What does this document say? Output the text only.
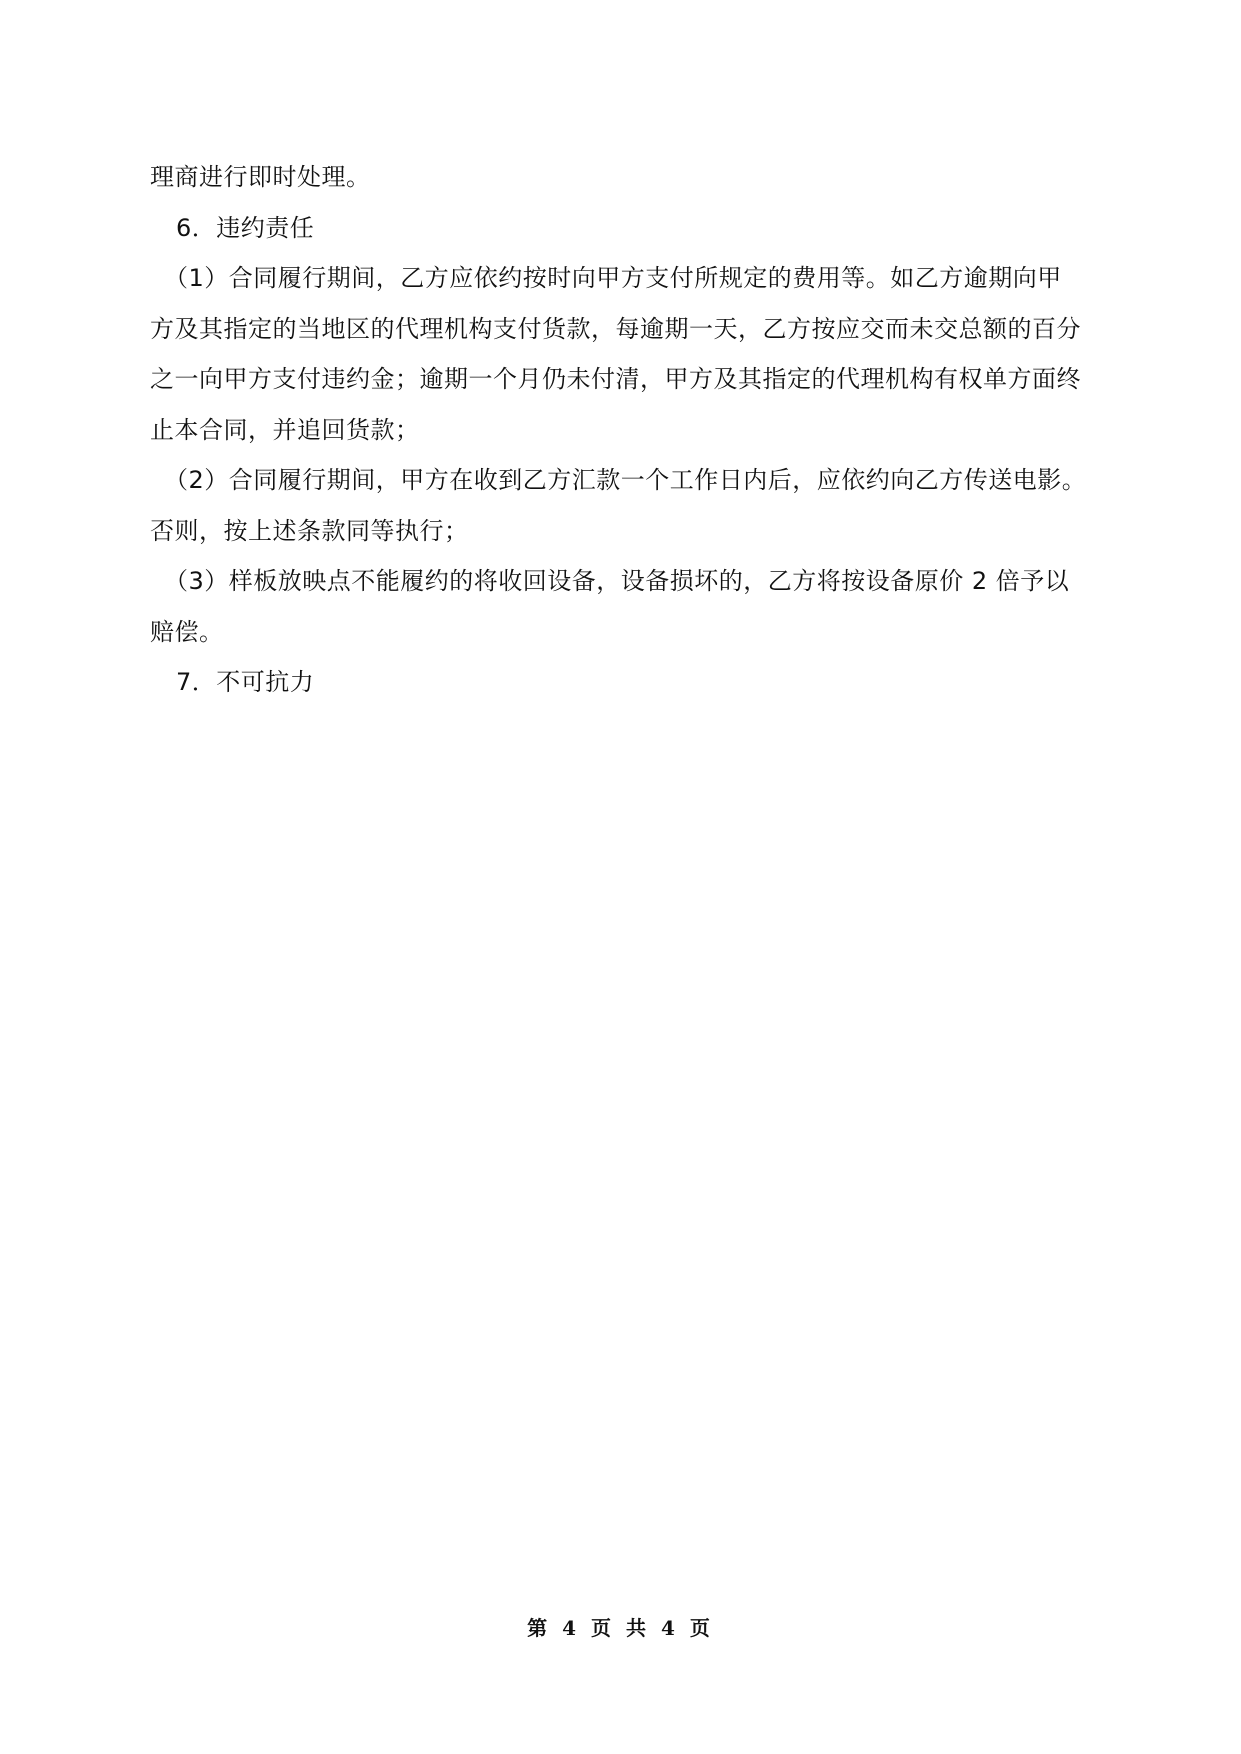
理商进行即时处理。
6．违约责任
（1）合同履行期间，乙方应依约按时向甲方支付所规定的费用等。如乙方逾期向甲
方及其指定的当地区的代理机构支付货款，每逾期一天，乙方按应交而未交总额的百分
之一向甲方支付违约金；逾期一个月仍未付清，甲方及其指定的代理机构有权单方面终
止本合同，并追回货款；
（2）合同履行期间，甲方在收到乙方汇款一个工作日内后，应依约向乙方传送电影。
否则，按上述条款同等执行；
（3）样板放映点不能履约的将收回设备，设备损坏的，乙方将按设备原价 2 倍予以
赔偿。
7．不可抗力
第 4 页 共 4 页
